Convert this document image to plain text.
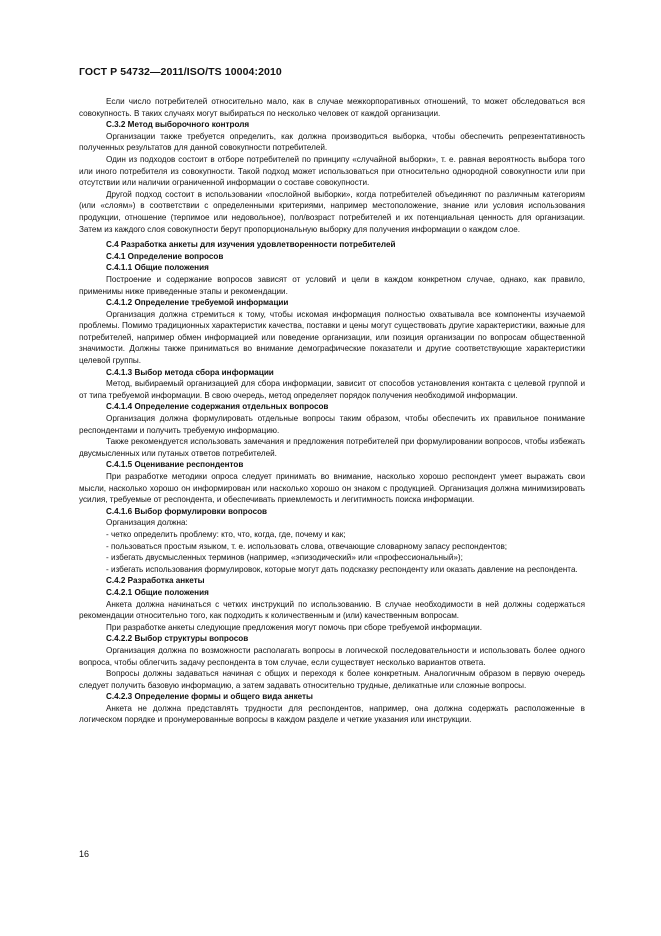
ГОСТ Р 54732—2011/ISO/TS 10004:2010

Если число потребителей относительно мало, как в случае межкорпоративных отношений, то может обследоваться вся совокупность. В таких случаях могут выбираться по несколько человек от каждой организации.

С.3.2 Метод выборочного контроля

Организации также требуется определить, как должна производиться выборка, чтобы обеспечить репрезентативность полученных результатов для данной совокупности потребителей.

Один из подходов состоит в отборе потребителей по принципу «случайной выборки», т. е. равная вероятность выбора того или иного потребителя из совокупности. Такой подход может использоваться при относительно однородной совокупности или при отсутствии или наличии ограниченной информации о составе совокупности.

Другой подход состоит в использовании «послойной выборки», когда потребителей объединяют по различным категориям (или «слоям») в соответствии с определенными критериями, например местоположение, знание или условия использования продукции, отношение (терпимое или недовольное), пол/возраст потребителей и их потенциальная ценность для организации. Затем из каждого слоя совокупности берут пропорциональную выборку для получения информации о каждом слое.

С.4 Разработка анкеты для изучения удовлетворенности потребителей
С.4.1 Определение вопросов
С.4.1.1 Общие положения

Построение и содержание вопросов зависят от условий и цели в каждом конкретном случае, однако, как правило, применимы ниже приведенные этапы и рекомендации.

С.4.1.2 Определение требуемой информации

Организация должна стремиться к тому, чтобы искомая информация полностью охватывала все компоненты изучаемой проблемы. Помимо традиционных характеристик качества, поставки и цены могут существовать другие характеристики, важные для потребителей, например обмен информацией или поведение организации, или позиция организации по вопросам общественной значимости. Должны также приниматься во внимание демографические показатели и другие соответствующие характеристики целевой группы.

С.4.1.3 Выбор метода сбора информации

Метод, выбираемый организацией для сбора информации, зависит от способов установления контакта с целевой группой и от типа требуемой информации. В свою очередь, метод определяет порядок получения необходимой информации.

С.4.1.4 Определение содержания отдельных вопросов

Организация должна формулировать отдельные вопросы таким образом, чтобы обеспечить их правильное понимание респондентами и получить требуемую информацию.

Также рекомендуется использовать замечания и предложения потребителей при формулировании вопросов, чтобы избежать двусмысленных или путаных ответов потребителей.

С.4.1.5 Оценивание респондентов

При разработке методики опроса следует принимать во внимание, насколько хорошо респондент умеет выражать свои мысли, насколько хорошо он информирован или насколько хорошо он знаком с продукцией. Организация должна минимизировать усилия, требуемые от респондента, и обеспечивать приемлемость и легитимность поиска информации.

С.4.1.6 Выбор формулировки вопросов

Организация должна:

- четко определить проблему: кто, что, когда, где, почему и как;

- пользоваться простым языком, т. е. использовать слова, отвечающие словарному запасу респондентов;

- избегать двусмысленных терминов (например, «эпизодический» или «профессиональный»);

- избегать использования формулировок, которые могут дать подсказку респонденту или оказать давление на респондента.

С.4.2 Разработка анкеты
С.4.2.1 Общие положения

Анкета должна начинаться с четких инструкций по использованию. В случае необходимости в ней должны содержаться рекомендации относительно того, как подходить к количественным и (или) качественным вопросам.

При разработке анкеты следующие предложения могут помочь при сборе требуемой информации.

С.4.2.2 Выбор структуры вопросов

Организация должна по возможности располагать вопросы в логической последовательности и использовать более одного вопроса, чтобы облегчить задачу респондента в том случае, если существует несколько вариантов ответа.

Вопросы должны задаваться начиная с общих и переходя к более конкретным. Аналогичным образом в первую очередь следует получить базовую информацию, а затем задавать относительно трудные, деликатные или сложные вопросы.

С.4.2.3 Определение формы и общего вида анкеты

Анкета не должна представлять трудности для респондентов, например, она должна содержать расположенные в логическом порядке и пронумерованные вопросы в каждом разделе и четкие указания или инструкции.

16
